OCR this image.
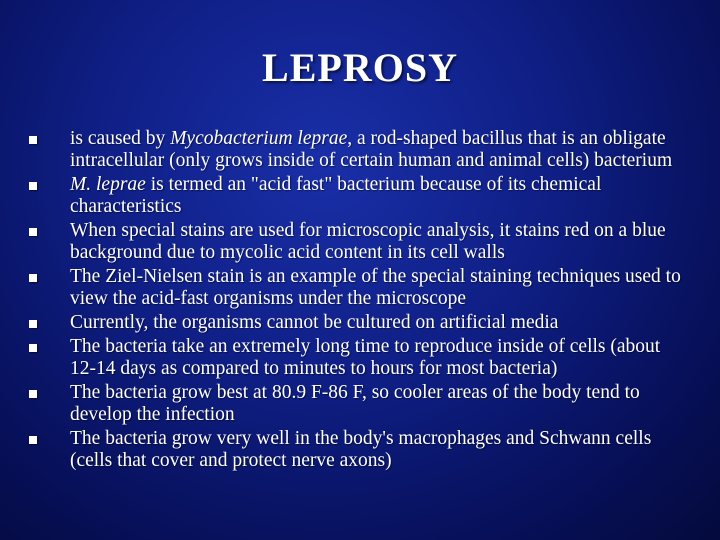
LEPROSY
is caused by Mycobacterium leprae, a rod-shaped bacillus that is an obligate intracellular (only grows inside of certain human and animal cells) bacterium
M. leprae is termed an "acid fast" bacterium because of its chemical characteristics
When special stains are used for microscopic analysis, it stains red on a blue background due to mycolic acid content in its cell walls
The Ziel-Nielsen stain is an example of the special staining techniques used to view the acid-fast organisms under the microscope
Currently, the organisms cannot be cultured on artificial media
The bacteria take an extremely long time to reproduce inside of cells (about 12-14 days as compared to minutes to hours for most bacteria)
The bacteria grow best at 80.9 F-86 F, so cooler areas of the body tend to develop the infection
The bacteria grow very well in the body's macrophages and Schwann cells (cells that cover and protect nerve axons)
